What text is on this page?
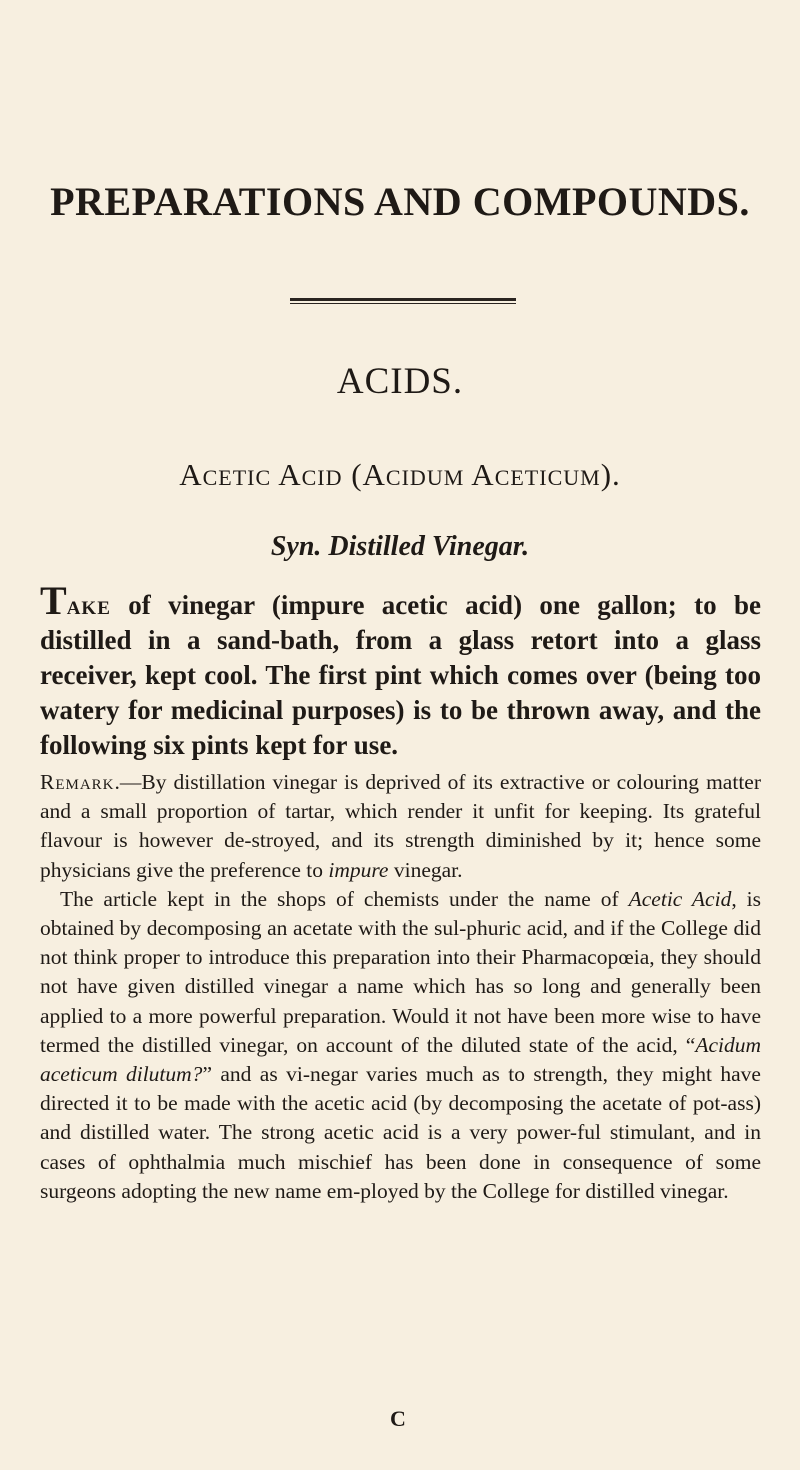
PREPARATIONS AND COMPOUNDS.
ACIDS.
Acetic Acid (Acidum Aceticum).
Syn. Distilled Vinegar.
Take of vinegar (impure acetic acid) one gallon; to be distilled in a sand-bath, from a glass retort into a glass receiver, kept cool. The first pint which comes over (being too watery for medicinal purposes) is to be thrown away, and the following six pints kept for use.

Remark.—By distillation vinegar is deprived of its extractive or colouring matter and a small proportion of tartar, which render it unfit for keeping. Its grateful flavour is however de-stroyed, and its strength diminished by it; hence some physicians give the preference to impure vinegar.

The article kept in the shops of chemists under the name of Acetic Acid, is obtained by decomposing an acetate with the sul-phuric acid, and if the College did not think proper to introduce this preparation into their Pharmacopœia, they should not have given distilled vinegar a name which has so long and generally been applied to a more powerful preparation. Would it not have been more wise to have termed the distilled vinegar, on account of the diluted state of the acid, “Acidum aceticum dilutum?” and as vi-negar varies much as to strength, they might have directed it to be made with the acetic acid (by decomposing the acetate of pot-ass) and distilled water. The strong acetic acid is a very power-ful stimulant, and in cases of ophthalmia much mischief has been done in consequence of some surgeons adopting the new name em-ployed by the College for distilled vinegar.

C
